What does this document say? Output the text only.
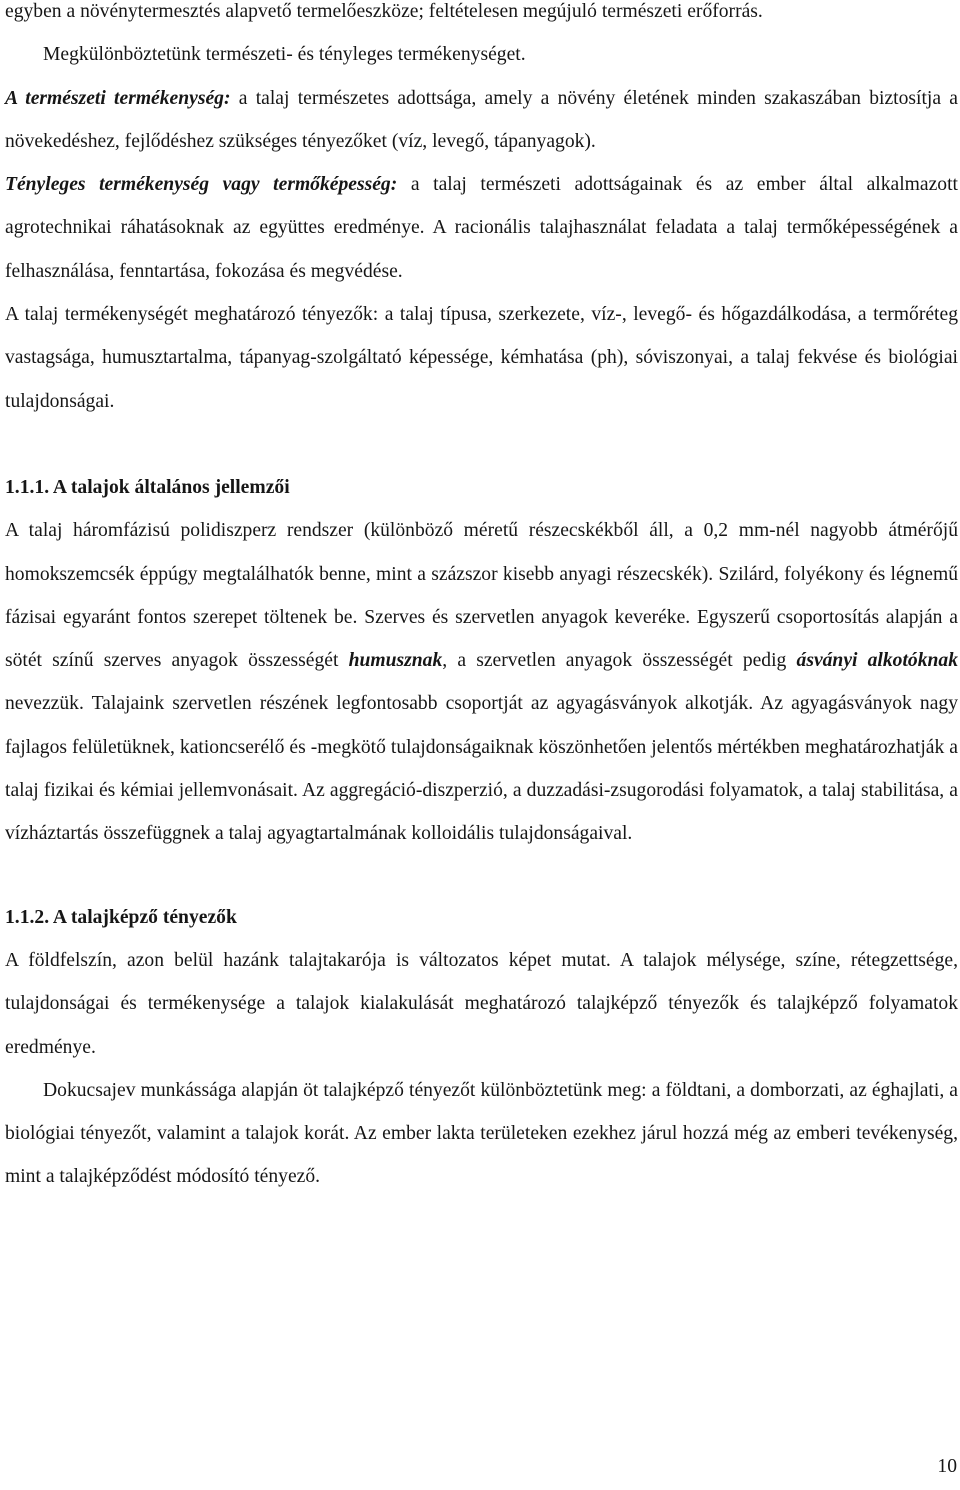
egyben a növénytermesztés alapvető termelőeszköze; feltételesen megújuló természeti erőforrás.

Megkülönböztetünk természeti- és tényleges termékenységet.

A természeti termékenység: a talaj természetes adottsága, amely a növény életének minden szakaszában biztosítja a növekedéshez, fejlődéshez szükséges tényezőket (víz, levegő, tápanyagok).

Tényleges termékenység vagy termőképesség: a talaj természeti adottságainak és az ember által alkalmazott agrotechnikai ráhatásoknak az együttes eredménye. A racionális talajhasználat feladata a talaj termőképességének a felhasználása, fenntartása, fokozása és megvédése.

A talaj termékenységét meghatározó tényezők: a talaj típusa, szerkezete, víz-, levegő- és hőgazdálkodása, a termőréteg vastagsága, humusztartalma, tápanyag-szolgáltató képessége, kémhatása (ph), sóviszonyai, a talaj fekvése és biológiai tulajdonságai.

1.1.1. A talajok általános jellemzői

A talaj háromfázisú polidiszperz rendszer (különböző méretű részecskékből áll, a 0,2 mm-nél nagyobb átmérőjű homokszemcsék éppúgy megtalálhatók benne, mint a százszor kisebb anyagi részecskék). Szilárd, folyékony és légnemű fázisai egyaránt fontos szerepet töltenek be. Szerves és szervetlen anyagok keveréke. Egyszerű csoportosítás alapján a sötét színű szerves anyagok összességét humusznak, a szervetlen anyagok összességét pedig ásványi alkotóknak nevezzük. Talajaink szervetlen részének legfontosabb csoportját az agyagásványok alkotják. Az agyagásványok nagy fajlagos felületüknek, kationcserélő és -megkötő tulajdonságaiknak köszönhetően jelentős mértékben meghatározhatják a talaj fizikai és kémiai jellemvonásait. Az aggregáció-diszperzió, a duzzadási-zsugorodási folyamatok, a talaj stabilitása, a vízháztartás összefüggnek a talaj agyagtartalmának kolloidális tulajdonságaival.

1.1.2. A talajképző tényezők

A földfelszín, azon belül hazánk talajtakarója is változatos képet mutat. A talajok mélysége, színe, rétegzettsége, tulajdonságai és termékenysége a talajok kialakulását meghatározó talajképző tényezők és talajképző folyamatok eredménye.

Dokucsajev munkássága alapján öt talajképző tényezőt különböztetünk meg: a földtani, a domborzati, az éghajlati, a biológiai tényezőt, valamint a talajok korát. Az ember lakta területeken ezekhez járul hozzá még az emberi tevékenység, mint a talajképződést módosító tényező.

10
